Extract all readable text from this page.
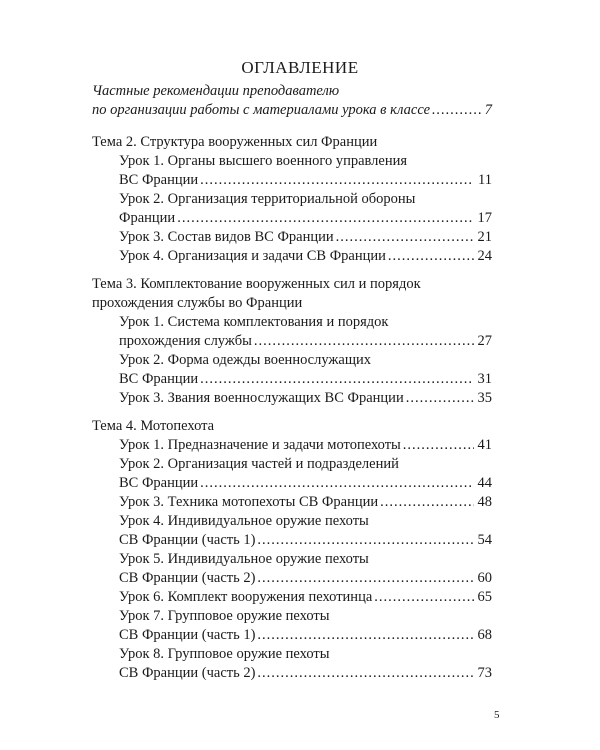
ОГЛАВЛЕНИЕ
Частные рекомендации преподавателю
по организации работы с материалами урока в классе .....	7
Тема 2. Структура вооруженных сил Франции
Урок 1. Органы высшего военного управления
ВС Франции .....	11
Урок 2. Организация территориальной обороны
Франции .....	17
Урок 3. Состав видов ВС Франции .....	21
Урок 4. Организация и задачи СВ Франции .....	24
Тема 3. Комплектование вооруженных сил и порядок
прохождения службы во Франции
Урок 1. Система комплектования и порядок
прохождения службы .....	27
Урок 2. Форма одежды военнослужащих
ВС Франции .....	31
Урок 3. Звания военнослужащих ВС Франции .....	35
Тема 4. Мотопехота
Урок 1. Предназначение и задачи мотопехоты .....	41
Урок 2. Организация частей и подразделений
ВС Франции .....	44
Урок 3. Техника мотопехоты СВ Франции .....	48
Урок 4. Индивидуальное оружие пехоты
СВ Франции (часть 1) .....	54
Урок 5. Индивидуальное оружие пехоты
СВ Франции (часть 2) .....	60
Урок 6. Комплект вооружения пехотинца .....	65
Урок 7. Групповое оружие пехоты
СВ Франции (часть 1) .....	68
Урок 8. Групповое оружие пехоты
СВ Франции (часть 2) .....	73
5
